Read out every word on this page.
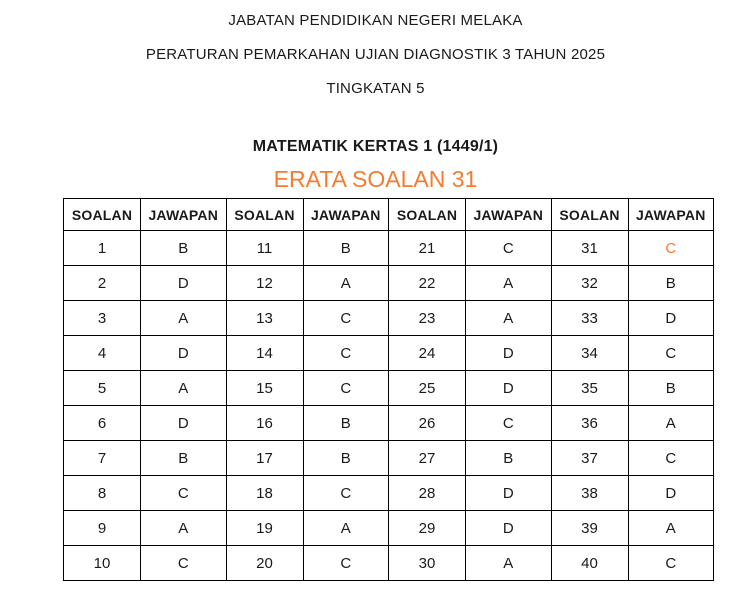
JABATAN PENDIDIKAN NEGERI MELAKA
PERATURAN PEMARKAHAN UJIAN DIAGNOSTIK 3 TAHUN 2025
TINGKATAN 5
MATEMATIK KERTAS 1 (1449/1)
ERATA SOALAN 31
SOALAN	JAWAPAN	SOALAN	JAWAPAN	SOALAN	JAWAPAN	SOALAN	JAWAPAN
1	B	11	B	21	C	31	C
2	D	12	A	22	A	32	B
3	A	13	C	23	A	33	D
4	D	14	C	24	D	34	C
5	A	15	C	25	D	35	B
6	D	16	B	26	C	36	A
7	B	17	B	27	B	37	C
8	C	18	C	28	D	38	D
9	A	19	A	29	D	39	A
10	C	20	C	30	A	40	C
